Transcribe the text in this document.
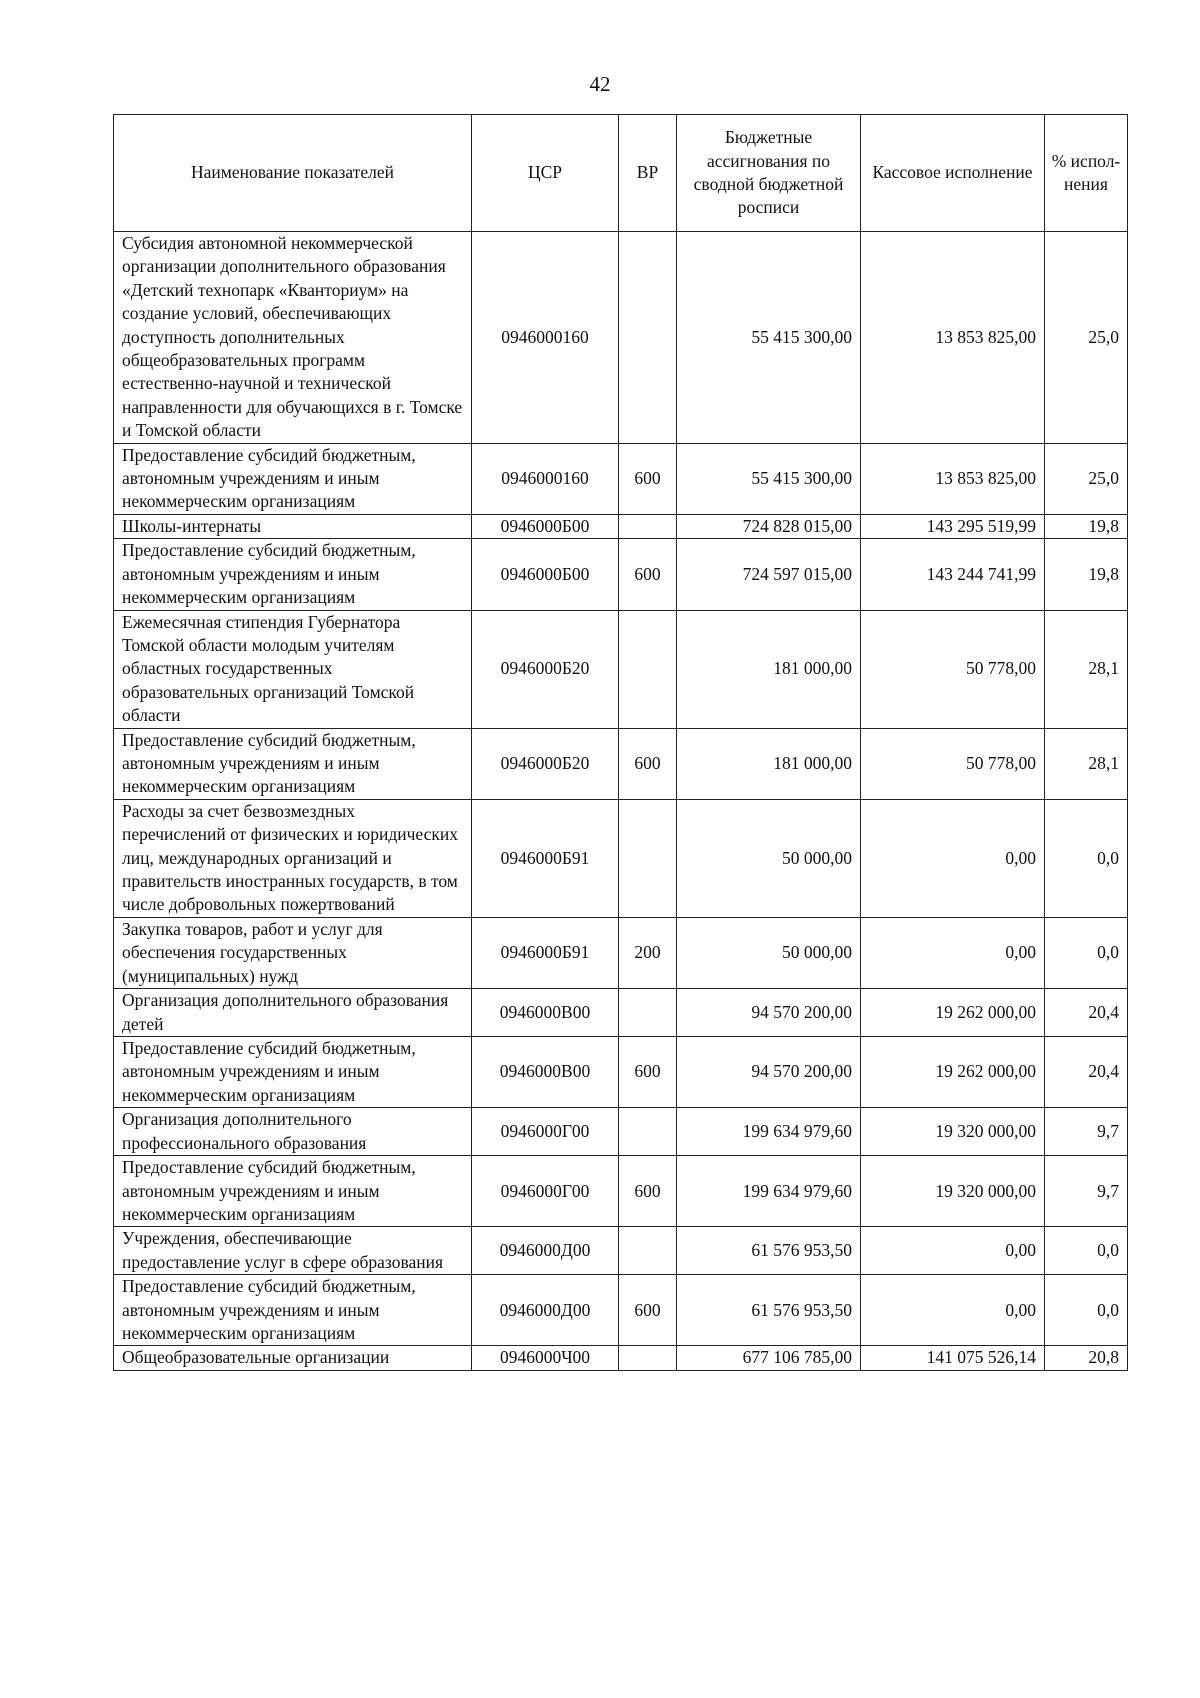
42
Наименование показателей	ЦСР	ВР	Бюджетные ассигнования по сводной бюджетной росписи	Кассовое исполнение	% испол-нения
Субсидия автономной некоммерческой организации дополнительного образования «Детский технопарк «Кванториум» на создание условий, обеспечивающих доступность дополнительных общеобразовательных программ естественно-научной и технической направленности для обучающихся в г. Томске и Томской области	0946000160		55 415 300,00	13 853 825,00	25,0
Предоставление субсидий бюджетным, автономным учреждениям и иным некоммерческим организациям	0946000160	600	55 415 300,00	13 853 825,00	25,0
Школы-интернаты	0946000Б00		724 828 015,00	143 295 519,99	19,8
Предоставление субсидий бюджетным, автономным учреждениям и иным некоммерческим организациям	0946000Б00	600	724 597 015,00	143 244 741,99	19,8
Ежемесячная стипендия Губернатора Томской области молодым учителям областных государственных образовательных организаций Томской области	0946000Б20		181 000,00	50 778,00	28,1
Предоставление субсидий бюджетным, автономным учреждениям и иным некоммерческим организациям	0946000Б20	600	181 000,00	50 778,00	28,1
Расходы за счет безвозмездных перечислений от физических и юридических лиц, международных организаций и правительств иностранных государств, в том числе добровольных пожертвований	0946000Б91		50 000,00	0,00	0,0
Закупка товаров, работ и услуг для обеспечения государственных (муниципальных) нужд	0946000Б91	200	50 000,00	0,00	0,0
Организация дополнительного образования детей	0946000В00		94 570 200,00	19 262 000,00	20,4
Предоставление субсидий бюджетным, автономным учреждениям и иным некоммерческим организациям	0946000В00	600	94 570 200,00	19 262 000,00	20,4
Организация дополнительного профессионального образования	0946000Г00		199 634 979,60	19 320 000,00	9,7
Предоставление субсидий бюджетным, автономным учреждениям и иным некоммерческим организациям	0946000Г00	600	199 634 979,60	19 320 000,00	9,7
Учреждения, обеспечивающие предоставление услуг в сфере образования	0946000Д00		61 576 953,50	0,00	0,0
Предоставление субсидий бюджетным, автономным учреждениям и иным некоммерческим организациям	0946000Д00	600	61 576 953,50	0,00	0,0
Общеобразовательные организации	0946000Ч00		677 106 785,00	141 075 526,14	20,8
